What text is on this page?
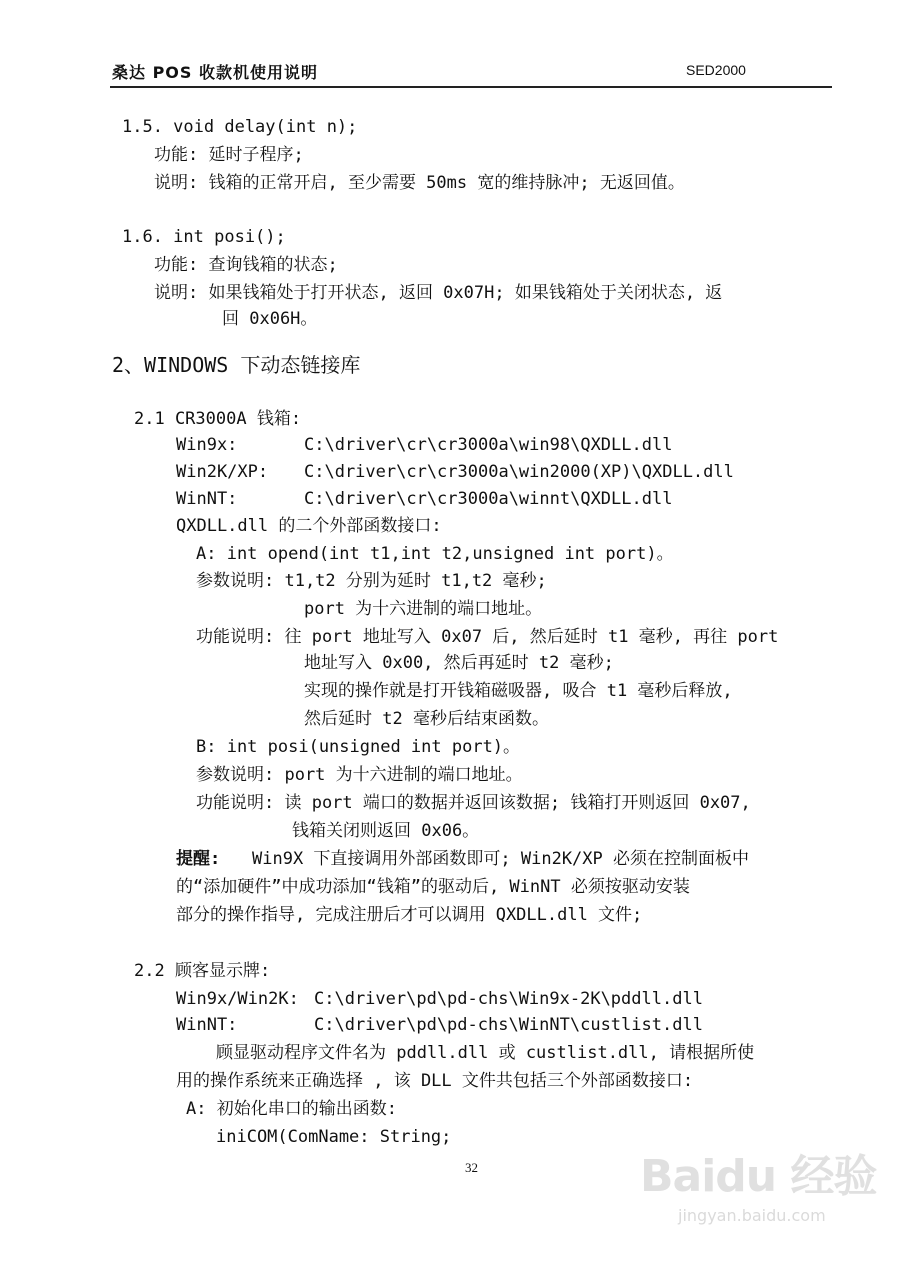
桑达 POS 收款机使用说明	SED2000
2、WINDOWS 下动态链接库
提醒:
1.5. void delay(int n);
功能: 延时子程序;
说明: 钱箱的正常开启, 至少需要 50ms 宽的维持脉冲; 无返回值。
1.6. int posi();
功能: 查询钱箱的状态;
说明: 如果钱箱处于打开状态, 返回 0x07H; 如果钱箱处于关闭状态, 返
回 0x06H。
2.1 CR3000A 钱箱:
Win9x:	C:\driver\cr\cr3000a\win98\QXDLL.dll
Win2K/XP: C:\driver\cr\cr3000a\win2000(XP)\QXDLL.dll
WinNT:	C:\driver\cr\cr3000a\winnt\QXDLL.dll
QXDLL.dll 的二个外部函数接口:
A: int opend(int t1,int t2,unsigned int port)。
参数说明: t1,t2 分别为延时 t1,t2 毫秒;
port 为十六进制的端口地址。
功能说明: 往 port 地址写入 0x07 后, 然后延时 t1 毫秒, 再往 port
地址写入 0x00, 然后再延时 t2 毫秒;
实现的操作就是打开钱箱磁吸器, 吸合 t1 毫秒后释放,
然后延时 t2 毫秒后结束函数。
B: int posi(unsigned int port)。
参数说明: port 为十六进制的端口地址。
功能说明: 读 port 端口的数据并返回该数据; 钱箱打开则返回 0x07,
钱箱关闭则返回 0x06。
Win9X 下直接调用外部函数即可; Win2K/XP 必须在控制面板中
的“添加硬件”中成功添加“钱箱”的驱动后, WinNT 必须按驱动安装
部分的操作指导, 完成注册后才可以调用 QXDLL.dll 文件;
2.2 顾客显示牌:
Win9x/Win2K: C:\driver\pd\pd-chs\Win9x-2K\pddll.dll
WinNT:	C:\driver\pd\pd-chs\WinNT\custlist.dll
顾显驱动程序文件名为 pddll.dll 或 custlist.dll, 请根据所使
用的操作系统来正确选择 , 该 DLL 文件共包括三个外部函数接口:
A: 初始化串口的输出函数:
iniCOM(ComName: String;
32	Baidu 经验
jingyan.baidu.com
